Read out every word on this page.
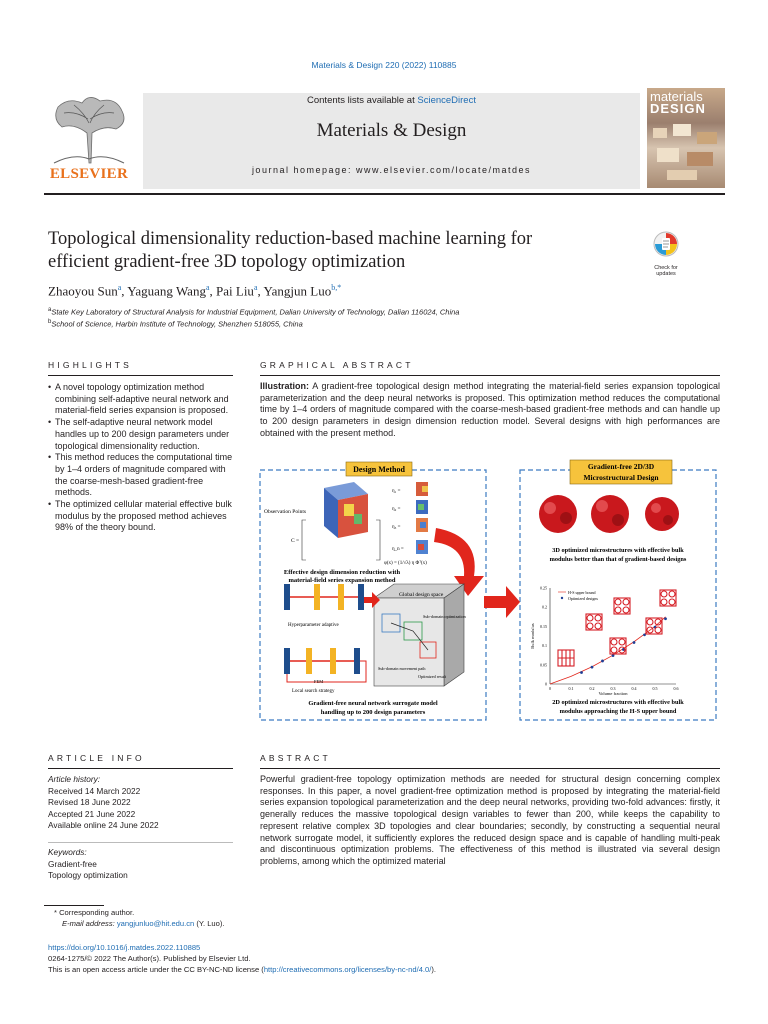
Materials & Design 220 (2022) 110885
ELSEVIER
Contents lists available at ScienceDirect
Materials & Design
journal homepage: www.elsevier.com/locate/matdes
materials
DESIGN
Topological dimensionality reduction-based machine learning for
efficient gradient-free 3D topology optimization	Check for
updates
Zhaoyou Sun$^a$, Yaguang Wang$^a$, Pai Liu$^a$, Yangjun Luo$^{b,*}$
$^a$State Key Laboratory of Structural Analysis for Industrial Equipment, Dalian University of Technology, Dalian 116024, China
$^b$School of Science, Harbin Institute of Technology, Shenzhen 518055, China
HIGHLIGHTS
• A novel topology optimization method combining self-adaptive neural network and material-field series expansion is proposed.
• The self-adaptive neural network model handles up to 200 design parameters under topological dimensionality reduction.
• This method reduces the computational time by 1–4 orders of magnitude compared with the coarse-mesh-based gradient-free methods.
• The optimized cellular material effective bulk modulus by the proposed method achieves 98% of the theory bound.
GRAPHICAL ABSTRACT
Illustration: A gradient-free topological design method integrating the material-field series expansion topological parameterization and the deep neural networks is proposed. This optimization method reduces the computational time by 1–4 orders of magnitude compared with the coarse-mesh-based gradient-free methods and can handle up to 200 design parameters in design dimension reduction model. Several designs with high performances are obtained with the present method.
Design Method	Gradient-free 2D/3D
Microstructural Design
Observation Points
η₁ =
η₂ =
η₃ =
η_n =
φ(x) = (1/√λ) η Φᵀ(x)
C =
Effective design dimension reduction with
material-field series expansion method
Hyperparameter adaptive
FEM
Local search strategy
Global design space
Sub-domain optimization
Sub-domain movement path
Optimized result
Gradient-free neural network surrogate model
handling up to 200 design parameters
3D optimized microstructures with effective bulk
modulus better than that of gradient-based designs
Volume fraction
Bulk modulus
0	0.1	0.2	0.3	0.4	0.5	0.6
0
0.05
0.1
0.15
0.2
0.25
H-S upper bound
Optimized designs
2D optimized microstructures with effective bulk
modulus approaching the H-S upper bound
ARTICLE INFO
Article history:
Received 14 March 2022
Revised 18 June 2022
Accepted 21 June 2022
Available online 24 June 2022
Keywords:
Gradient-free
Topology optimization
ABSTRACT
Powerful gradient-free topology optimization methods are needed for structural design concerning complex responses. In this paper, a novel gradient-free optimization method is proposed by integrating the material-field series expansion topological parameterization and the deep neural networks, providing two-fold advances: firstly, it generally reduces the massive topological design variables to fewer than 200, while keeps the capability to represent relative complex 3D topologies and clear boundaries; secondly, by constructing a sequential neural network surrogate model, it sufficiently explores the reduced design space and is capable of handling multi-peak and discontinuous optimization problems. The effectiveness of this method is illustrated via several design problems, among which the optimized material
* Corresponding author.
E-mail address: yangjunluo@hit.edu.cn (Y. Luo).
https://doi.org/10.1016/j.matdes.2022.110885
0264-1275/© 2022 The Author(s). Published by Elsevier Ltd.
This is an open access article under the CC BY-NC-ND license (http://creativecommons.org/licenses/by-nc-nd/4.0/).
